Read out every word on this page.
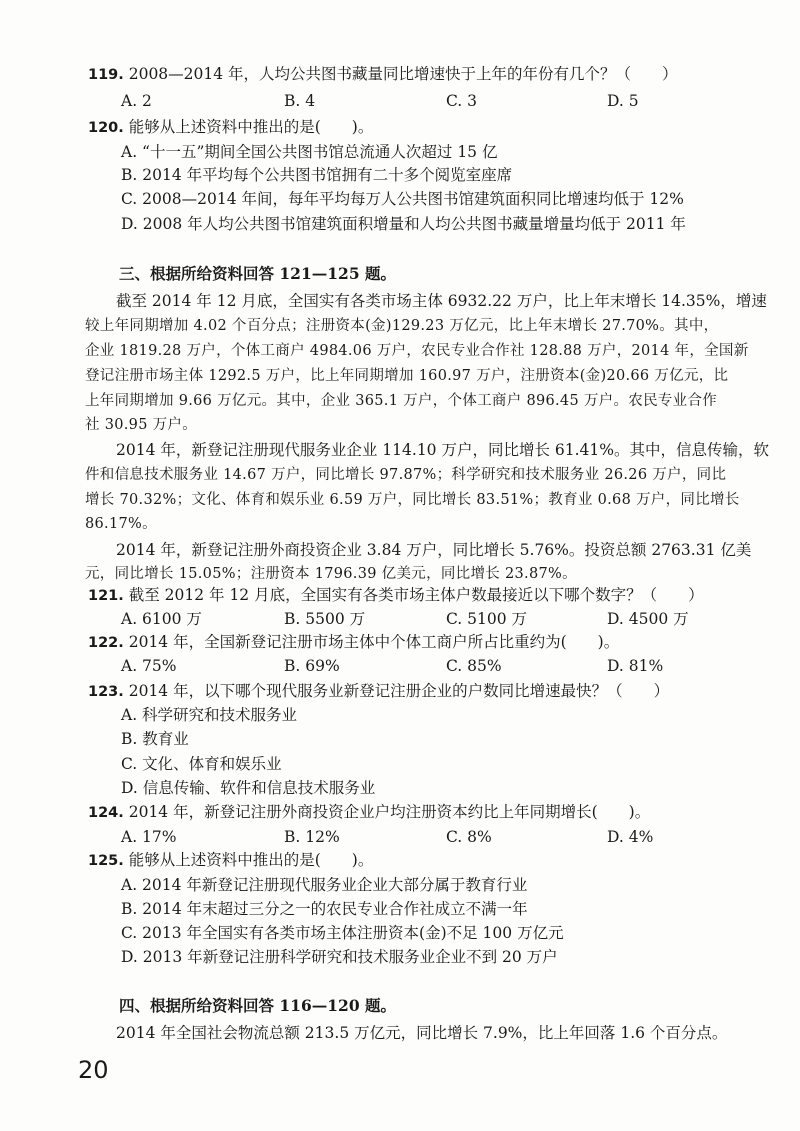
119. 2008—2014 年，人均公共图书藏量同比增速快于上年的年份有几个？（　　）
A. 2	B. 4	C. 3	D. 5
120. 能够从上述资料中推出的是(　　)。
A. “十一五”期间全国公共图书馆总流通人次超过 15 亿
B. 2014 年平均每个公共图书馆拥有二十多个阅览室座席
C. 2008—2014 年间，每年平均每万人公共图书馆建筑面积同比增速均低于 12%
D. 2008 年人均公共图书馆建筑面积增量和人均公共图书藏量增量均低于 2011 年
三、根据所给资料回答 121—125 题。
截至 2014 年 12 月底，全国实有各类市场主体 6932.22 万户，比上年末增长 14.35%，增速
较上年同期增加 4.02 个百分点；注册资本(金)129.23 万亿元，比上年末增长 27.70%。其中，
企业 1819.28 万户，个体工商户 4984.06 万户，农民专业合作社 128.88 万户，2014 年，全国新
登记注册市场主体 1292.5 万户，比上年同期增加 160.97 万户，注册资本(金)20.66 万亿元，比
上年同期增加 9.66 万亿元。其中，企业 365.1 万户，个体工商户 896.45 万户。农民专业合作
社 30.95 万户。
2014 年，新登记注册现代服务业企业 114.10 万户，同比增长 61.41%。其中，信息传输，软
件和信息技术服务业 14.67 万户，同比增长 97.87%；科学研究和技术服务业 26.26 万户，同比
增长 70.32%；文化、体育和娱乐业 6.59 万户，同比增长 83.51%；教育业 0.68 万户，同比增长
86.17%。
2014 年，新登记注册外商投资企业 3.84 万户，同比增长 5.76%。投资总额 2763.31 亿美
元，同比增长 15.05%；注册资本 1796.39 亿美元，同比增长 23.87%。
121. 截至 2012 年 12 月底，全国实有各类市场主体户数最接近以下哪个数字？（　　）
A. 6100 万	B. 5500 万	C. 5100 万	D. 4500 万
122. 2014 年，全国新登记注册市场主体中个体工商户所占比重约为(　　)。
A. 75%	B. 69%	C. 85%	D. 81%
123. 2014 年，以下哪个现代服务业新登记注册企业的户数同比增速最快？（　　）
A. 科学研究和技术服务业
B. 教育业
C. 文化、体育和娱乐业
D. 信息传输、软件和信息技术服务业
124. 2014 年，新登记注册外商投资企业户均注册资本约比上年同期增长(　　)。
A. 17%	B. 12%	C. 8%	D. 4%
125. 能够从上述资料中推出的是(　　)。
A. 2014 年新登记注册现代服务业企业大部分属于教育行业
B. 2014 年末超过三分之一的农民专业合作社成立不满一年
C. 2013 年全国实有各类市场主体注册资本(金)不足 100 万亿元
D. 2013 年新登记注册科学研究和技术服务业企业不到 20 万户
四、根据所给资料回答 116—120 题。
2014 年全国社会物流总额 213.5 万亿元，同比增长 7.9%，比上年回落 1.6 个百分点。
20
